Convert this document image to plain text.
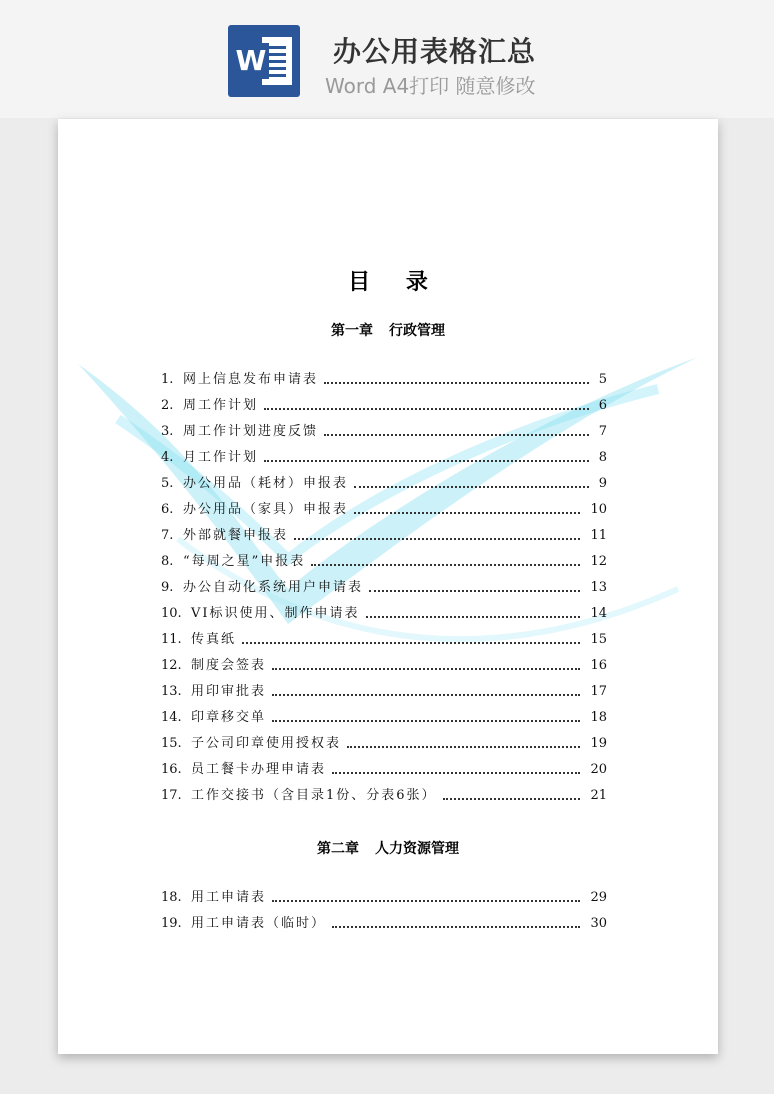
W 办公用表格汇总
Word A4打印 随意修改
目 录
第一章 行政管理
1. 网上信息发布申请表	5
2. 周工作计划	6
3. 周工作计划进度反馈	7
4. 月工作计划	8
5. 办公用品（耗材）申报表	9
6. 办公用品（家具）申报表	10
7. 外部就餐申报表	11
8. “每周之星”申报表	12
9. 办公自动化系统用户申请表	13
10. VI标识使用、制作申请表	14
11. 传真纸	15
12. 制度会签表	16
13. 用印审批表	17
14. 印章移交单	18
15. 子公司印章使用授权表	19
16. 员工餐卡办理申请表	20
17. 工作交接书（含目录1份、分表6张）	21
第二章 人力资源管理
18. 用工申请表	29
19. 用工申请表（临时）	30
